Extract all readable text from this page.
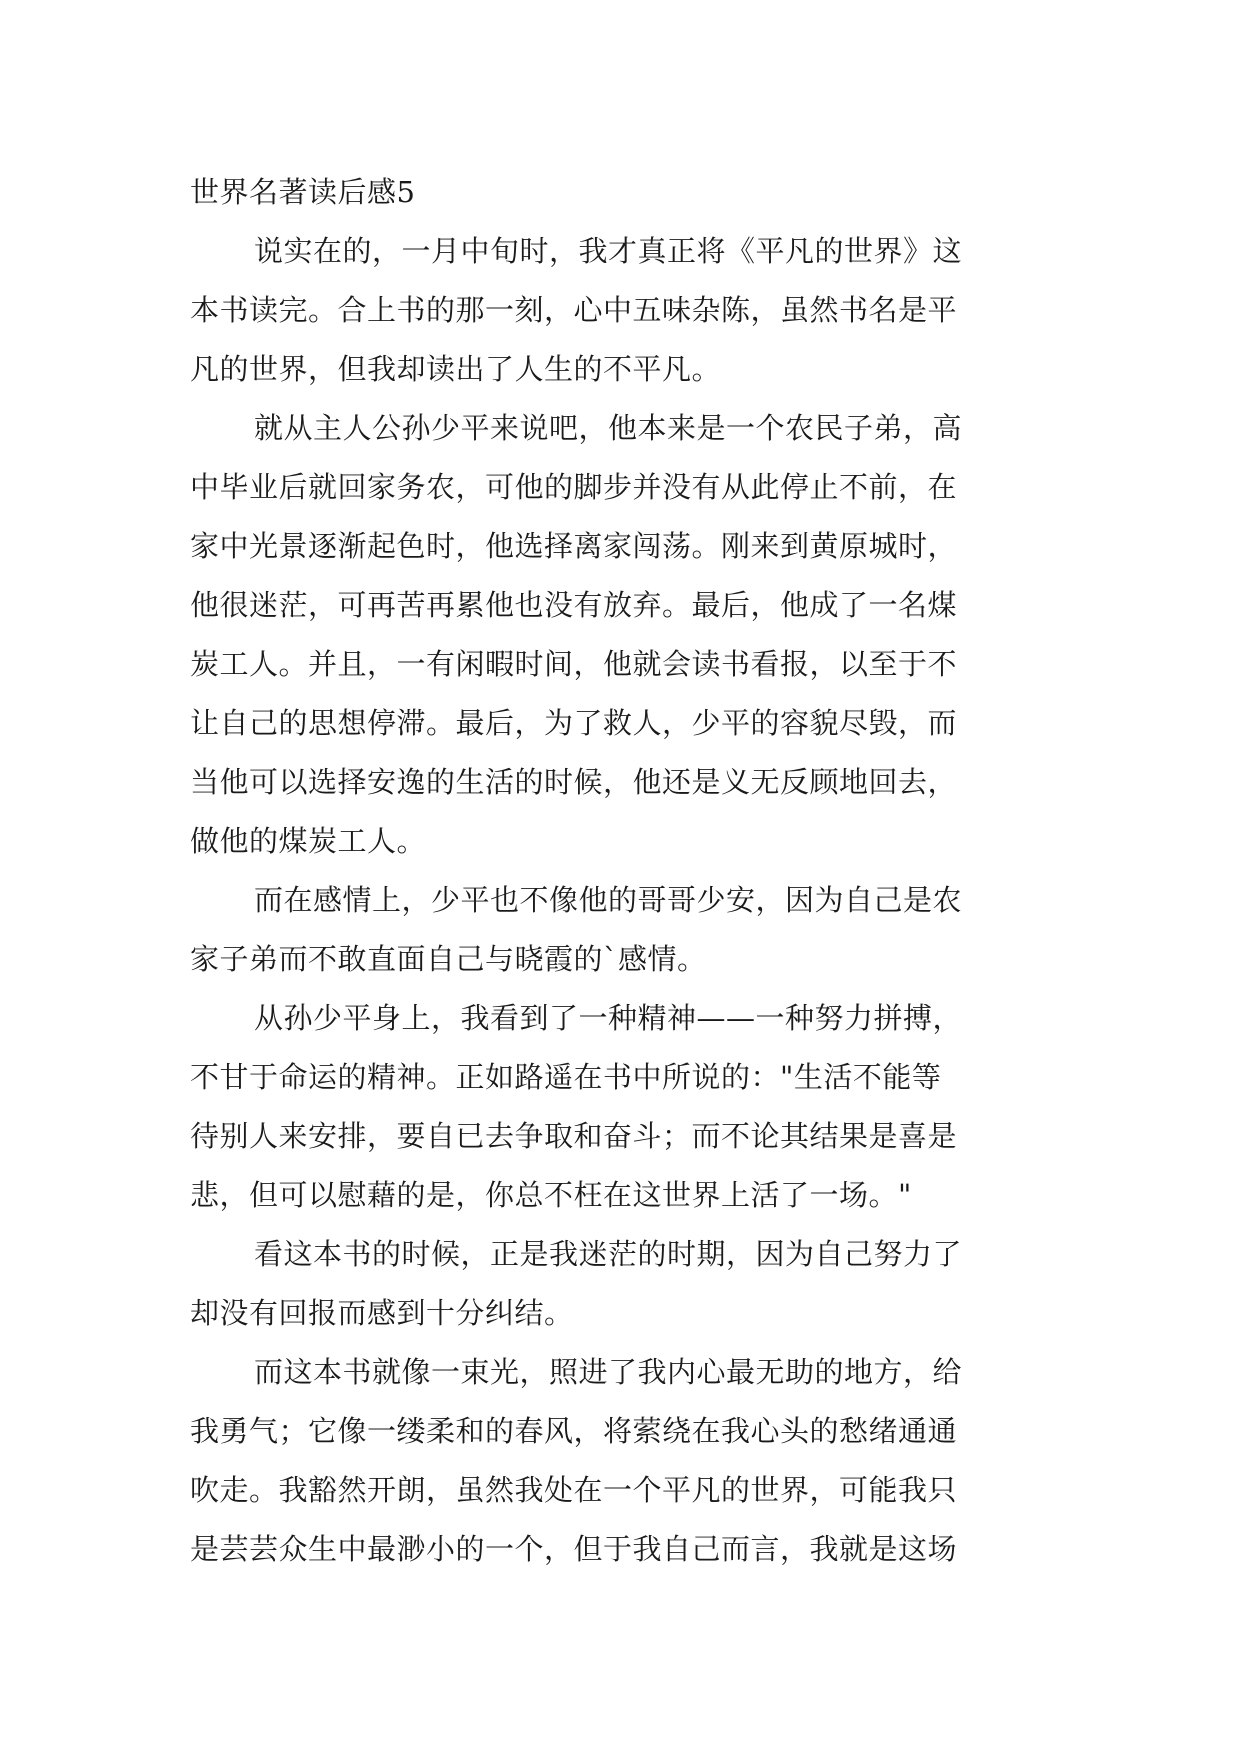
世界名著读后感5

说实在的，一月中旬时，我才真正将《平凡的世界》这
本书读完。合上书的那一刻，心中五味杂陈，虽然书名是平
凡的世界，但我却读出了人生的不平凡。

就从主人公孙少平来说吧，他本来是一个农民子弟，高
中毕业后就回家务农，可他的脚步并没有从此停止不前，在
家中光景逐渐起色时，他选择离家闯荡。刚来到黄原城时，
他很迷茫，可再苦再累他也没有放弃。最后，他成了一名煤
炭工人。并且，一有闲暇时间，他就会读书看报，以至于不
让自己的思想停滞。最后，为了救人，少平的容貌尽毁，而
当他可以选择安逸的生活的时候，他还是义无反顾地回去，
做他的煤炭工人。

而在感情上，少平也不像他的哥哥少安，因为自己是农
家子弟而不敢直面自己与晓霞的`感情。

从孙少平身上，我看到了一种精神——一种努力拼搏，
不甘于命运的精神。正如路遥在书中所说的："生活不能等
待别人来安排，要自已去争取和奋斗；而不论其结果是喜是
悲，但可以慰藉的是，你总不枉在这世界上活了一场。"

看这本书的时候，正是我迷茫的时期，因为自己努力了
却没有回报而感到十分纠结。

而这本书就像一束光，照进了我内心最无助的地方，给
我勇气；它像一缕柔和的春风，将萦绕在我心头的愁绪通通
吹走。我豁然开朗，虽然我处在一个平凡的世界，可能我只
是芸芸众生中最渺小的一个，但于我自己而言，我就是这场
